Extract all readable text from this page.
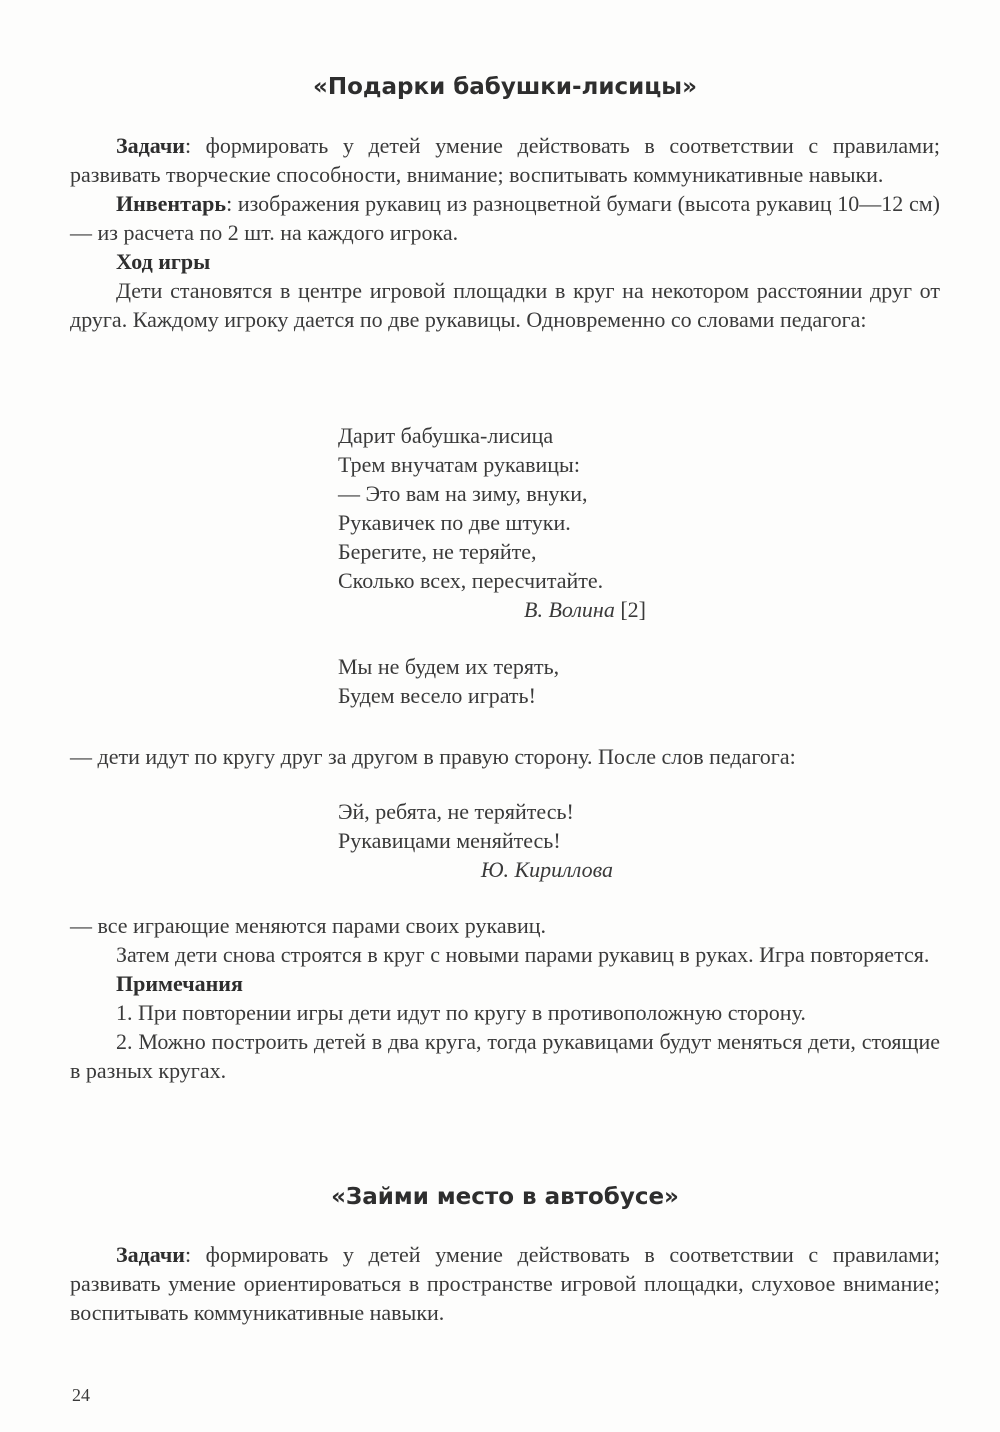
«Подарки бабушки-лисицы»

Задачи: формировать у детей умение действовать в соответствии с правилами; развивать творческие способности, внимание; воспитывать коммуникативные навыки.

Инвентарь: изображения рукавиц из разноцветной бумаги (высота рукавиц 10—12 см) — из расчета по 2 шт. на каждого игрока.

Ход игры

Дети становятся в центре игровой площадки в круг на некотором расстоянии друг от друга. Каждому игроку дается по две рукавицы. Одновременно со словами педагога:

Дарит бабушка-лисица
Трем внучатам рукавицы:
— Это вам на зиму, внуки,
Рукавичек по две штуки.
Берегите, не теряйте,
Сколько всех, пересчитайте.
В. Волина [2]
Мы не будем их терять,
Будем весело играть!

— дети идут по кругу друг за другом в правую сторону. После слов педагога:

Эй, ребята, не теряйтесь!
Рукавицами меняйтесь!
Ю. Кириллова

— все играющие меняются парами своих рукавиц.

Затем дети снова строятся в круг с новыми парами рукавиц в руках. Игра повторяется.

Примечания

1. При повторении игры дети идут по кругу в противоположную сторону.

2. Можно построить детей в два круга, тогда рукавицами будут меняться дети, стоящие в разных кругах.

«Займи место в автобусе»

Задачи: формировать у детей умение действовать в соответствии с правилами; развивать умение ориентироваться в пространстве игровой площадки, слуховое внимание; воспитывать коммуникативные навыки.

24
